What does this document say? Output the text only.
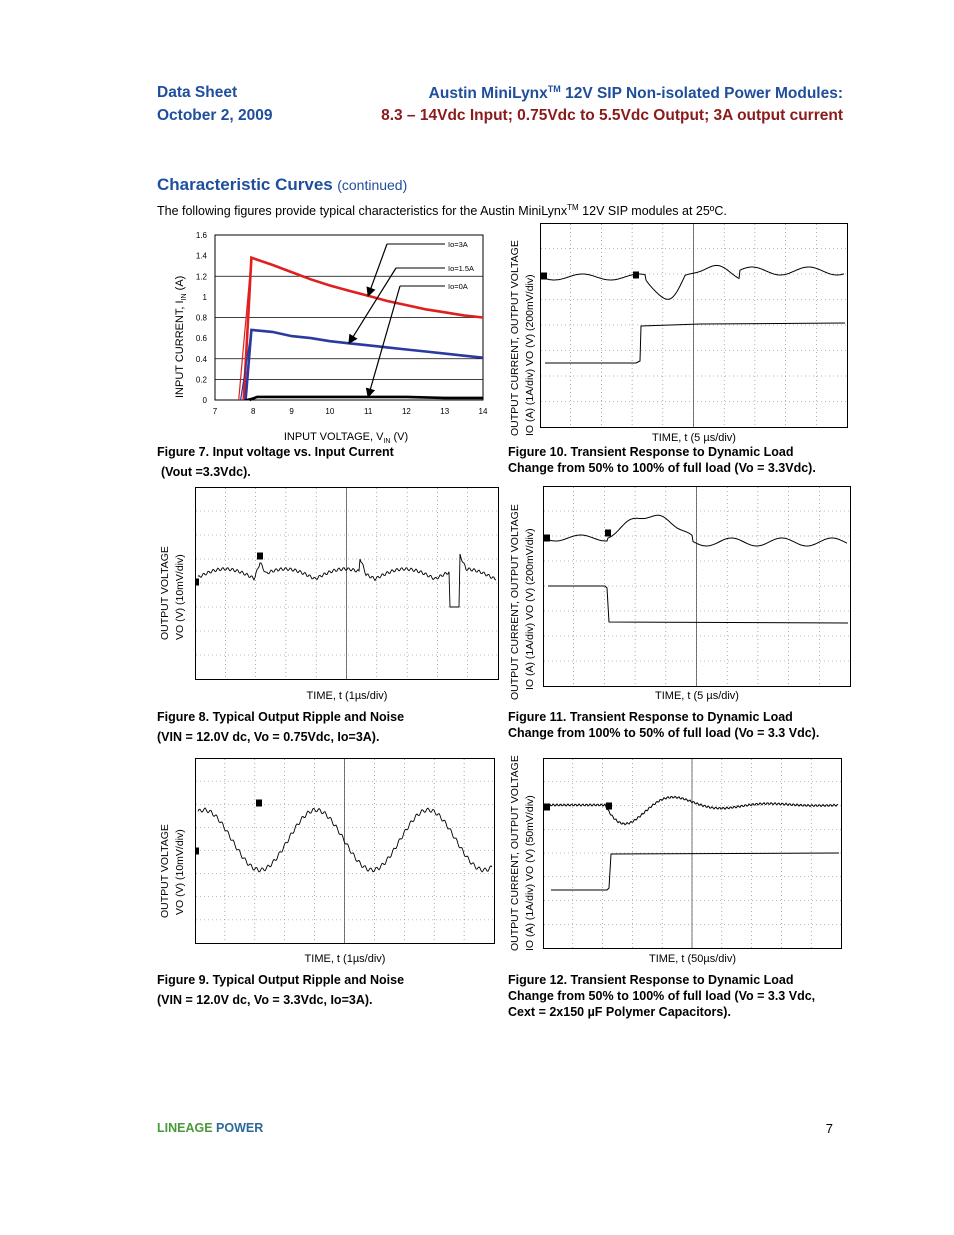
Data Sheet
October 2, 2009
Austin MiniLynx™ 12V SIP Non-isolated Power Modules:
8.3 – 14Vdc Input; 0.75Vdc to 5.5Vdc Output; 3A output current
Characteristic Curves (continued)
The following figures provide typical characteristics for the Austin MiniLynx™ 12V SIP modules at 25ºC.
INPUT CURRENT, $I_{IN}$ (A)
0
0.2
0.4
0.6
0.8
1
1.2
1.4
1.6
7	8	9	10	11	12	13	14
Io=3A
Io=1.5A
Io=0A
INPUT VOLTAGE, $V_{IN}$ (V)
Figure 7. Input voltage vs. Input Current
(Vout =3.3Vdc).
OUTPUT CURRENT, OUTPUT VOLTAGE IO (A) (1A/div) VO (V) (200mV/div)
TIME, t (5 µs/div)
Figure 10. Transient Response to Dynamic Load
Change from 50% to 100% of full load (Vo = 3.3Vdc).
OUTPUT VOLTAGE VO (V) (10mV/div)
TIME, t (1µs/div)
Figure 8. Typical Output Ripple and Noise
(VIN = 12.0V dc, Vo = 0.75Vdc, Io=3A).
OUTPUT CURRENT, OUTPUT VOLTAGE IO (A) (1A/div) VO (V) (200mV/div)
TIME, t (5 µs/div)
Figure 11. Transient Response to Dynamic Load
Change from 100% to 50% of full load (Vo = 3.3 Vdc).
OUTPUT VOLTAGE VO (V) (10mV/div)
TIME, t (1µs/div)
Figure 9. Typical Output Ripple and Noise
(VIN = 12.0V dc, Vo = 3.3Vdc, Io=3A).
OUTPUT CURRENT, OUTPUT VOLTAGE IO (A) (1A/div) VO (V) (50mV/div)
TIME, t (50µs/div)
Figure 12. Transient Response to Dynamic Load
Change from 50% to 100% of full load (Vo = 3.3 Vdc,
Cext = 2x150 µF Polymer Capacitors).
LINEAGE POWER	7
